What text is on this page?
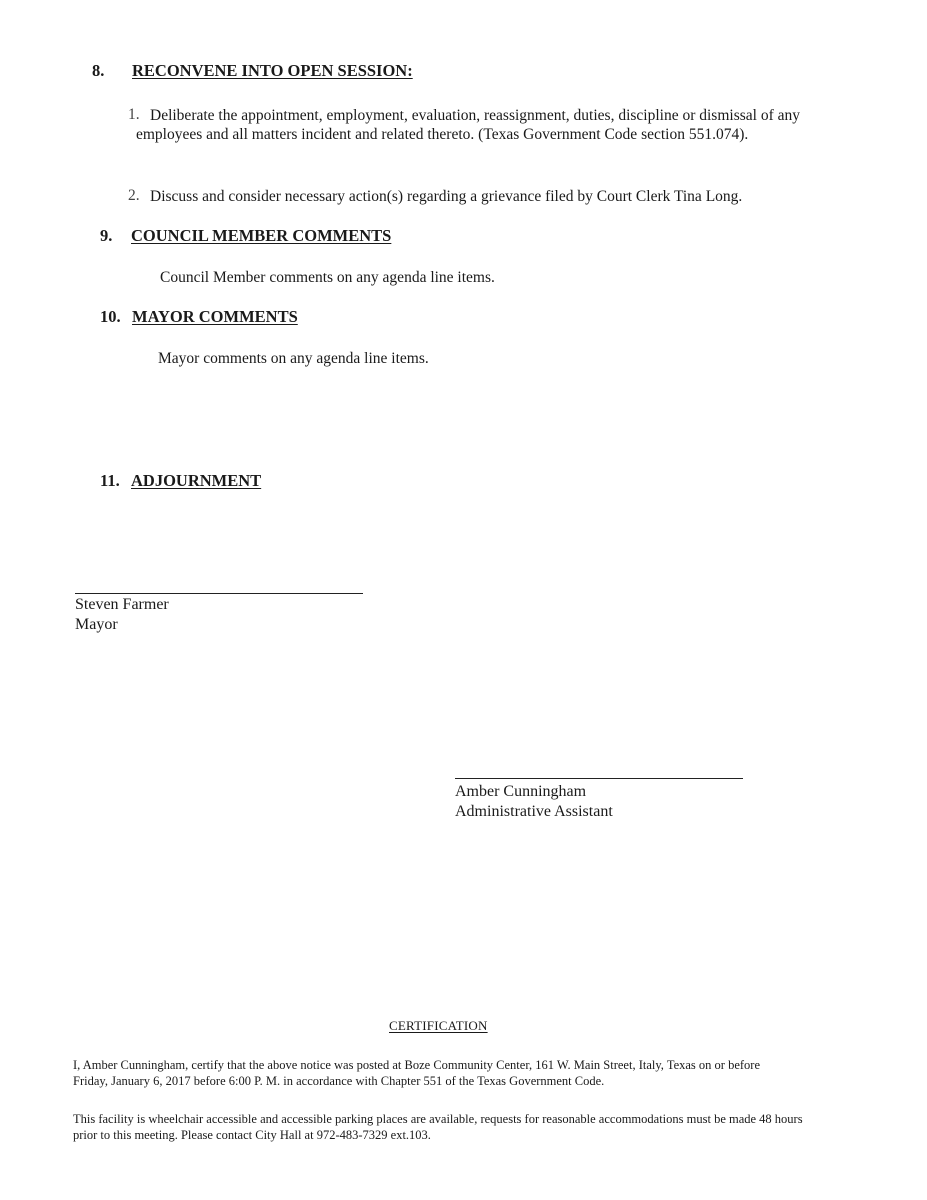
8. RECONVENE INTO OPEN SESSION:
1. Deliberate the appointment, employment, evaluation, reassignment, duties, discipline or dismissal of any employees and all matters incident and related thereto. (Texas Government Code section 551.074).
2. Discuss and consider necessary action(s) regarding a grievance filed by Court Clerk Tina Long.
9. COUNCIL MEMBER COMMENTS
Council Member comments on any agenda line items.
10. MAYOR COMMENTS
Mayor comments on any agenda line items.
11. ADJOURNMENT
Steven Farmer
Mayor
Amber Cunningham
Administrative Assistant
CERTIFICATION
I, Amber Cunningham, certify that the above notice was posted at Boze Community Center, 161 W. Main Street, Italy, Texas on or before Friday, January 6, 2017 before 6:00 P. M. in accordance with Chapter 551 of the Texas Government Code.
This facility is wheelchair accessible and accessible parking places are available, requests for reasonable accommodations must be made 48 hours prior to this meeting. Please contact City Hall at 972-483-7329 ext.103.
